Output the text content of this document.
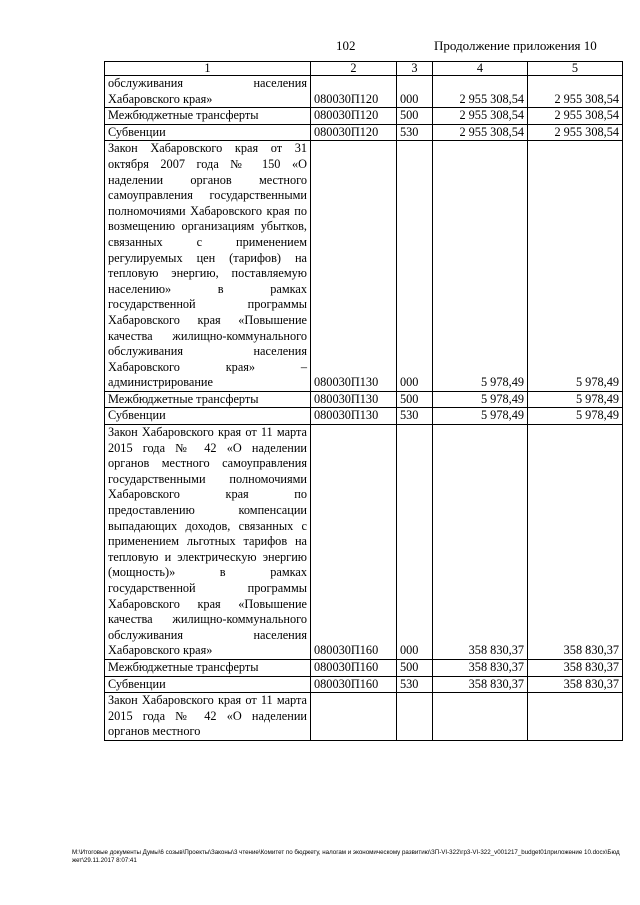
102	Продолжение приложения 10
1	2	3	4	5
обслуживания населения Хабаровского края»	080030П120	000	2 955 308,54	2 955 308,54
Межбюджетные трансферты	080030П120	500	2 955 308,54	2 955 308,54
Субвенции	080030П120	530	2 955 308,54	2 955 308,54
Закон Хабаровского края от 31 октября 2007 года № 150 «О наделении органов местного самоуправления государственными полномочиями Хабаровского края по возмещению организациям убытков, связанных с применением регулируемых цен (тарифов) на тепловую энергию, поставляемую населению» в рамках государственной программы Хабаровского края «Повышение качества жилищно-коммунального обслуживания населения Хабаровского края» – администрирование	080030П130	000	5 978,49	5 978,49
Межбюджетные трансферты	080030П130	500	5 978,49	5 978,49
Субвенции	080030П130	530	5 978,49	5 978,49
Закон Хабаровского края от 11 марта 2015 года № 42 «О наделении органов местного самоуправления государственными полномочиями Хабаровского края по предоставлению компенсации выпадающих доходов, связанных с применением льготных тарифов на тепловую и электрическую энергию (мощность)» в рамках государственной программы Хабаровского края «Повышение качества жилищно-коммунального обслуживания населения Хабаровского края»	080030П160	000	358 830,37	358 830,37
Межбюджетные трансферты	080030П160	500	358 830,37	358 830,37
Субвенции	080030П160	530	358 830,37	358 830,37
Закон Хабаровского края от 11 марта 2015 года № 42 «О наделении органов местного				
M:\Итоговые документы Думы\6 созыв\Проекты\Законы\3 чтение\Комитет по бюджету, налогам и экономическому развитию\ЗП-VI-322\гр3-VI-322_v001217_budget01приложение 10.docx\Бюджет\29.11.2017 8:07:41
